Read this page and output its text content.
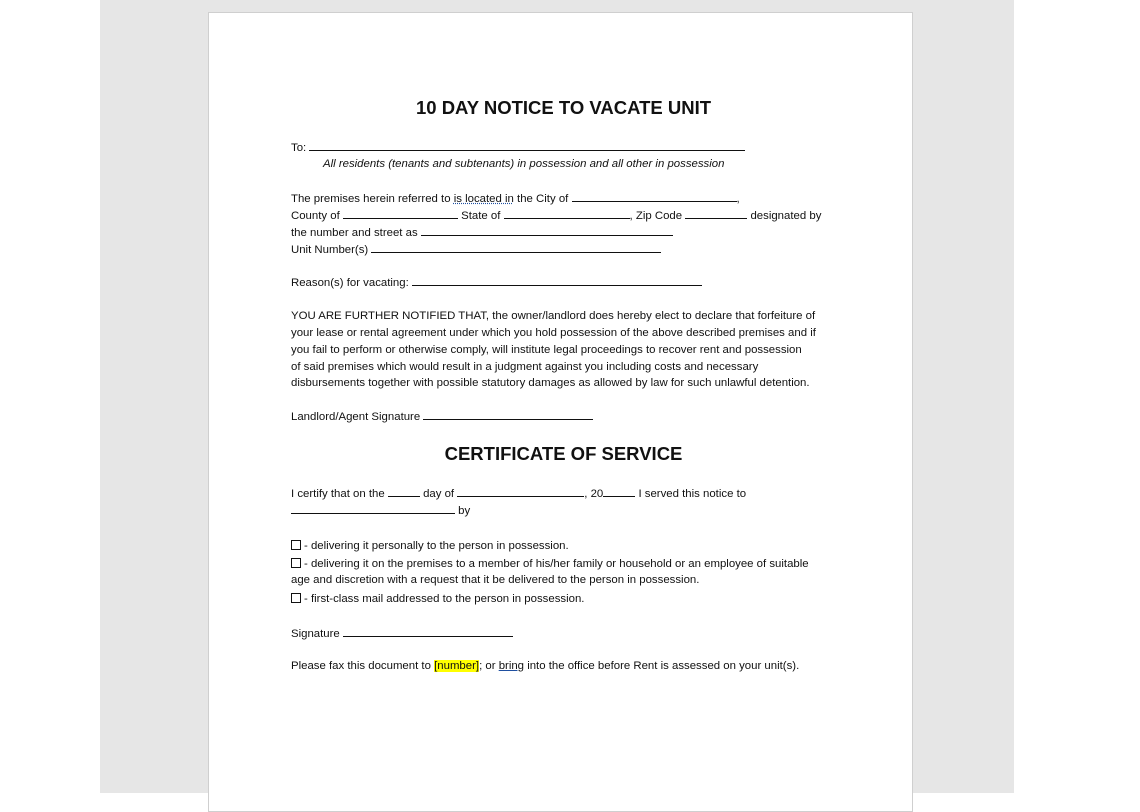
10 DAY NOTICE TO VACATE UNIT
To:
All residents (tenants and subtenants) in possession and all other in possession
The premises herein referred to is located in the City of	,
County of	State of	, Zip Code	designated by
the number and street as
Unit Number(s)
Reason(s) for vacating:
YOU ARE FURTHER NOTIFIED THAT, the owner/landlord does hereby elect to declare that forfeiture of
your lease or rental agreement under which you hold possession of the above described premises and if
you fail to perform or otherwise comply, will institute legal proceedings to recover rent and possession
of said premises which would result in a judgment against you including costs and necessary
disbursements together with possible statutory damages as allowed by law for such unlawful detention.
Landlord/Agent Signature
CERTIFICATE OF SERVICE
I certify that on the	day of	, 20	I served this notice to
by
- delivering it personally to the person in possession.
- delivering it on the premises to a member of his/her family or household or an employee of suitable
age and discretion with a request that it be delivered to the person in possession.
- first-class mail addressed to the person in possession.
Signature
Please fax this document to [number]; or bring into the office before Rent is assessed on your unit(s).
